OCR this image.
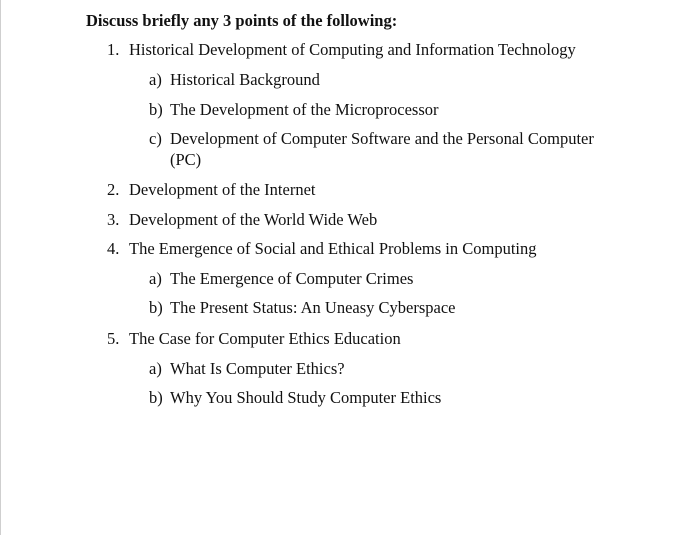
Discuss briefly any 3 points of the following:
1. Historical Development of Computing and Information Technology
a) Historical Background
b) The Development of the Microprocessor
c) Development of Computer Software and the Personal Computer
(PC)
2. Development of the Internet
3. Development of the World Wide Web
4. The Emergence of Social and Ethical Problems in Computing
a) The Emergence of Computer Crimes
b) The Present Status: An Uneasy Cyberspace
5. The Case for Computer Ethics Education
a) What Is Computer Ethics?
b) Why You Should Study Computer Ethics
